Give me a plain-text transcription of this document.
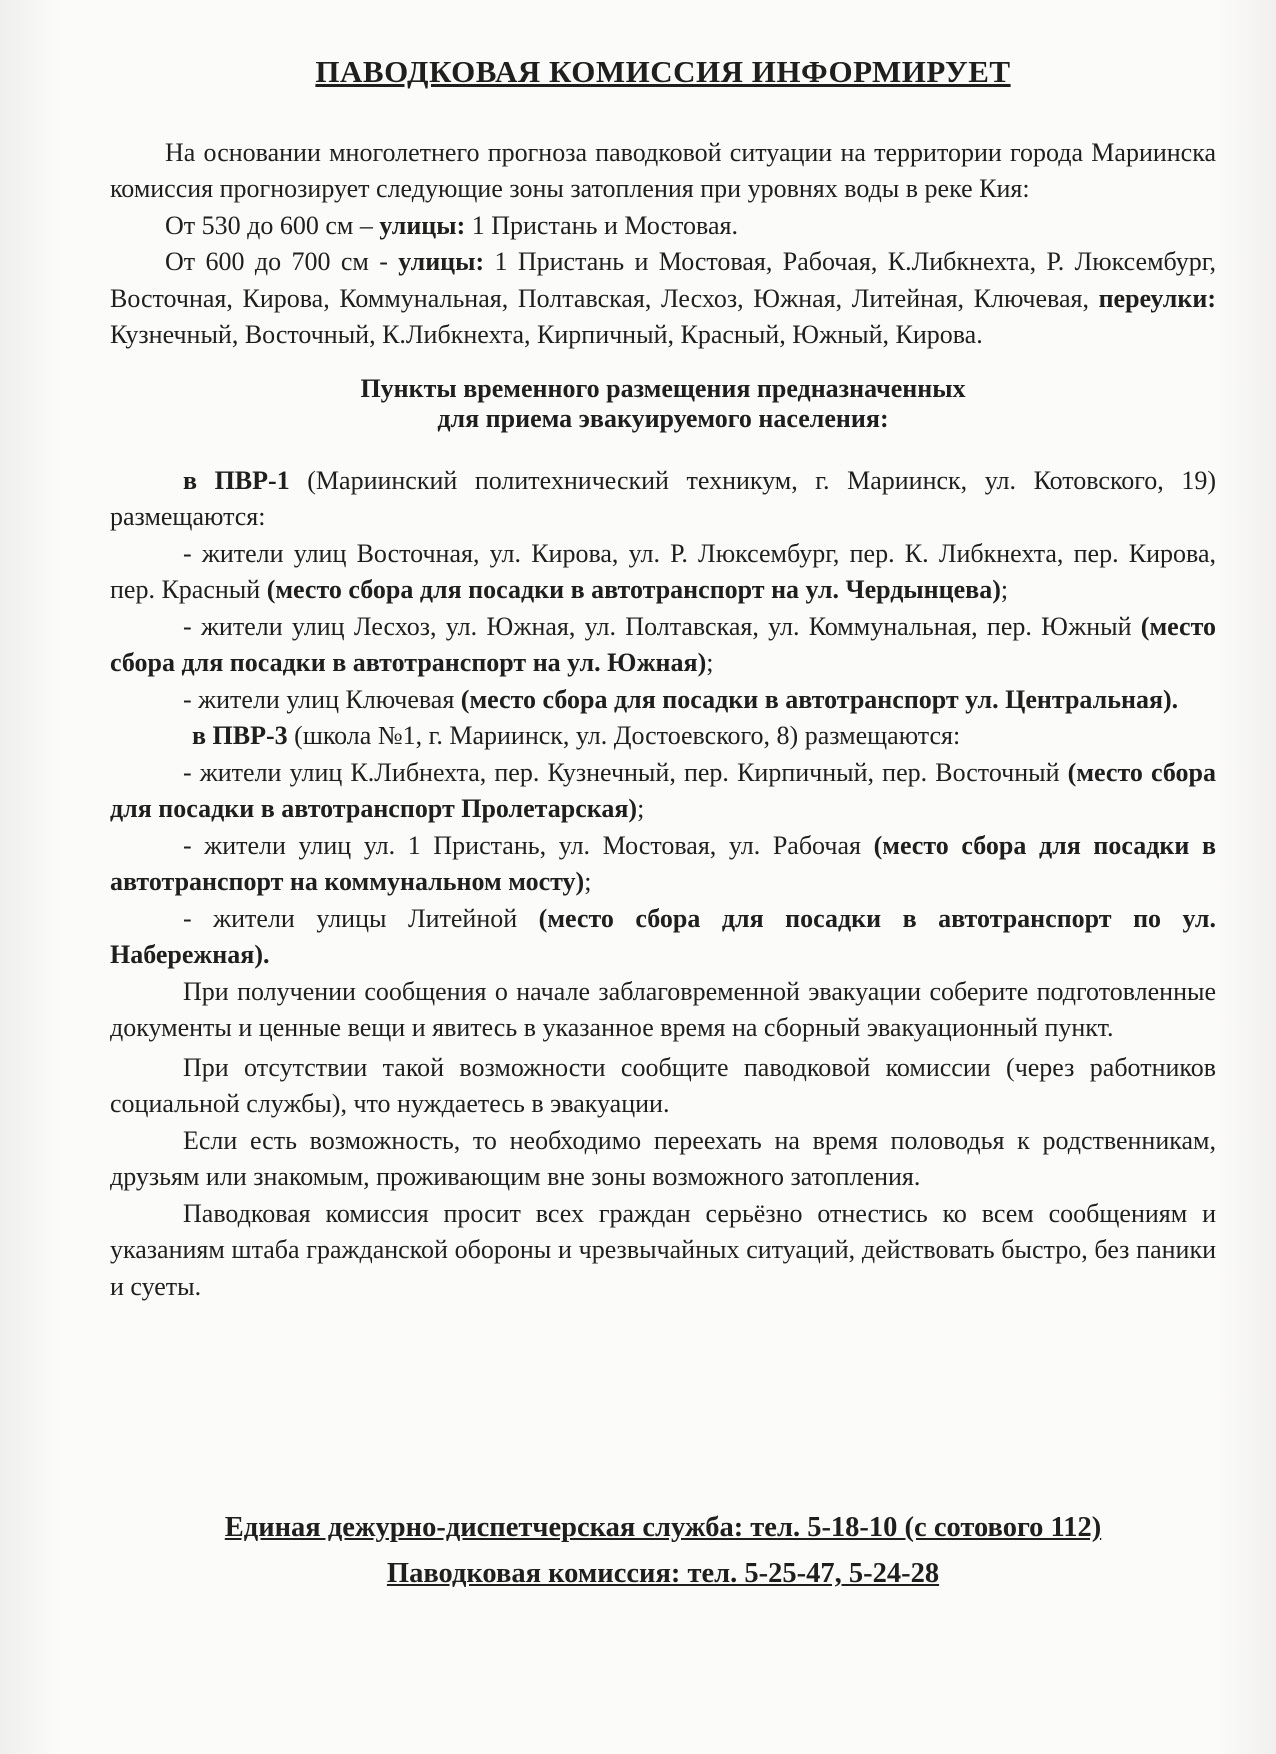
ПАВОДКОВАЯ КОМИССИЯ ИНФОРМИРУЕТ

На основании многолетнего прогноза паводковой ситуации на территории города Мариинска комиссия прогнозирует следующие зоны затопления при уровнях воды в реке Кия:

От 530 до 600 см – улицы: 1 Пристань и Мостовая.

От 600 до 700 см - улицы: 1 Пристань и Мостовая, Рабочая, К.Либкнехта, Р. Люксембург, Восточная, Кирова, Коммунальная, Полтавская, Лесхоз, Южная, Литейная, Ключевая, переулки: Кузнечный, Восточный, К.Либкнехта, Кирпичный, Красный, Южный, Кирова.

Пункты временного размещения предназначенных
для приема эвакуируемого населения:

в ПВР-1 (Мариинский политехнический техникум, г. Мариинск, ул. Котовского, 19) размещаются:

- жители улиц Восточная, ул. Кирова, ул. Р. Люксембург, пер. К. Либкнехта, пер. Кирова, пер. Красный (место сбора для посадки в автотранспорт на ул. Чердынцева);

- жители улиц Лесхоз, ул. Южная, ул. Полтавская, ул. Коммунальная, пер. Южный (место сбора для посадки в автотранспорт на ул. Южная);

- жители улиц Ключевая (место сбора для посадки в автотранспорт ул. Центральная).

в ПВР-3 (школа №1, г. Мариинск, ул. Достоевского, 8) размещаются:

- жители улиц К.Либнехта, пер. Кузнечный, пер. Кирпичный, пер. Восточный (место сбора для посадки в автотранспорт Пролетарская);

- жители улиц ул. 1 Пристань, ул. Мостовая, ул. Рабочая (место сбора для посадки в автотранспорт на коммунальном мосту);

- жители улицы Литейной (место сбора для посадки в автотранспорт по ул. Набережная).

При получении сообщения о начале заблаговременной эвакуации соберите подготовленные документы и ценные вещи и явитесь в указанное время на сборный эвакуационный пункт.

При отсутствии такой возможности сообщите паводковой комиссии (через работников социальной службы), что нуждаетесь в эвакуации.

Если есть возможность, то необходимо переехать на время половодья к родственникам, друзьям или знакомым, проживающим вне зоны возможного затопления.

Паводковая комиссия просит всех граждан серьёзно отнестись ко всем сообщениям и указаниям штаба гражданской обороны и чрезвычайных ситуаций, действовать быстро, без паники и суеты.

Единая дежурно-диспетчерская служба: тел. 5-18-10 (с сотового 112)
Паводковая комиссия: тел. 5-25-47, 5-24-28
